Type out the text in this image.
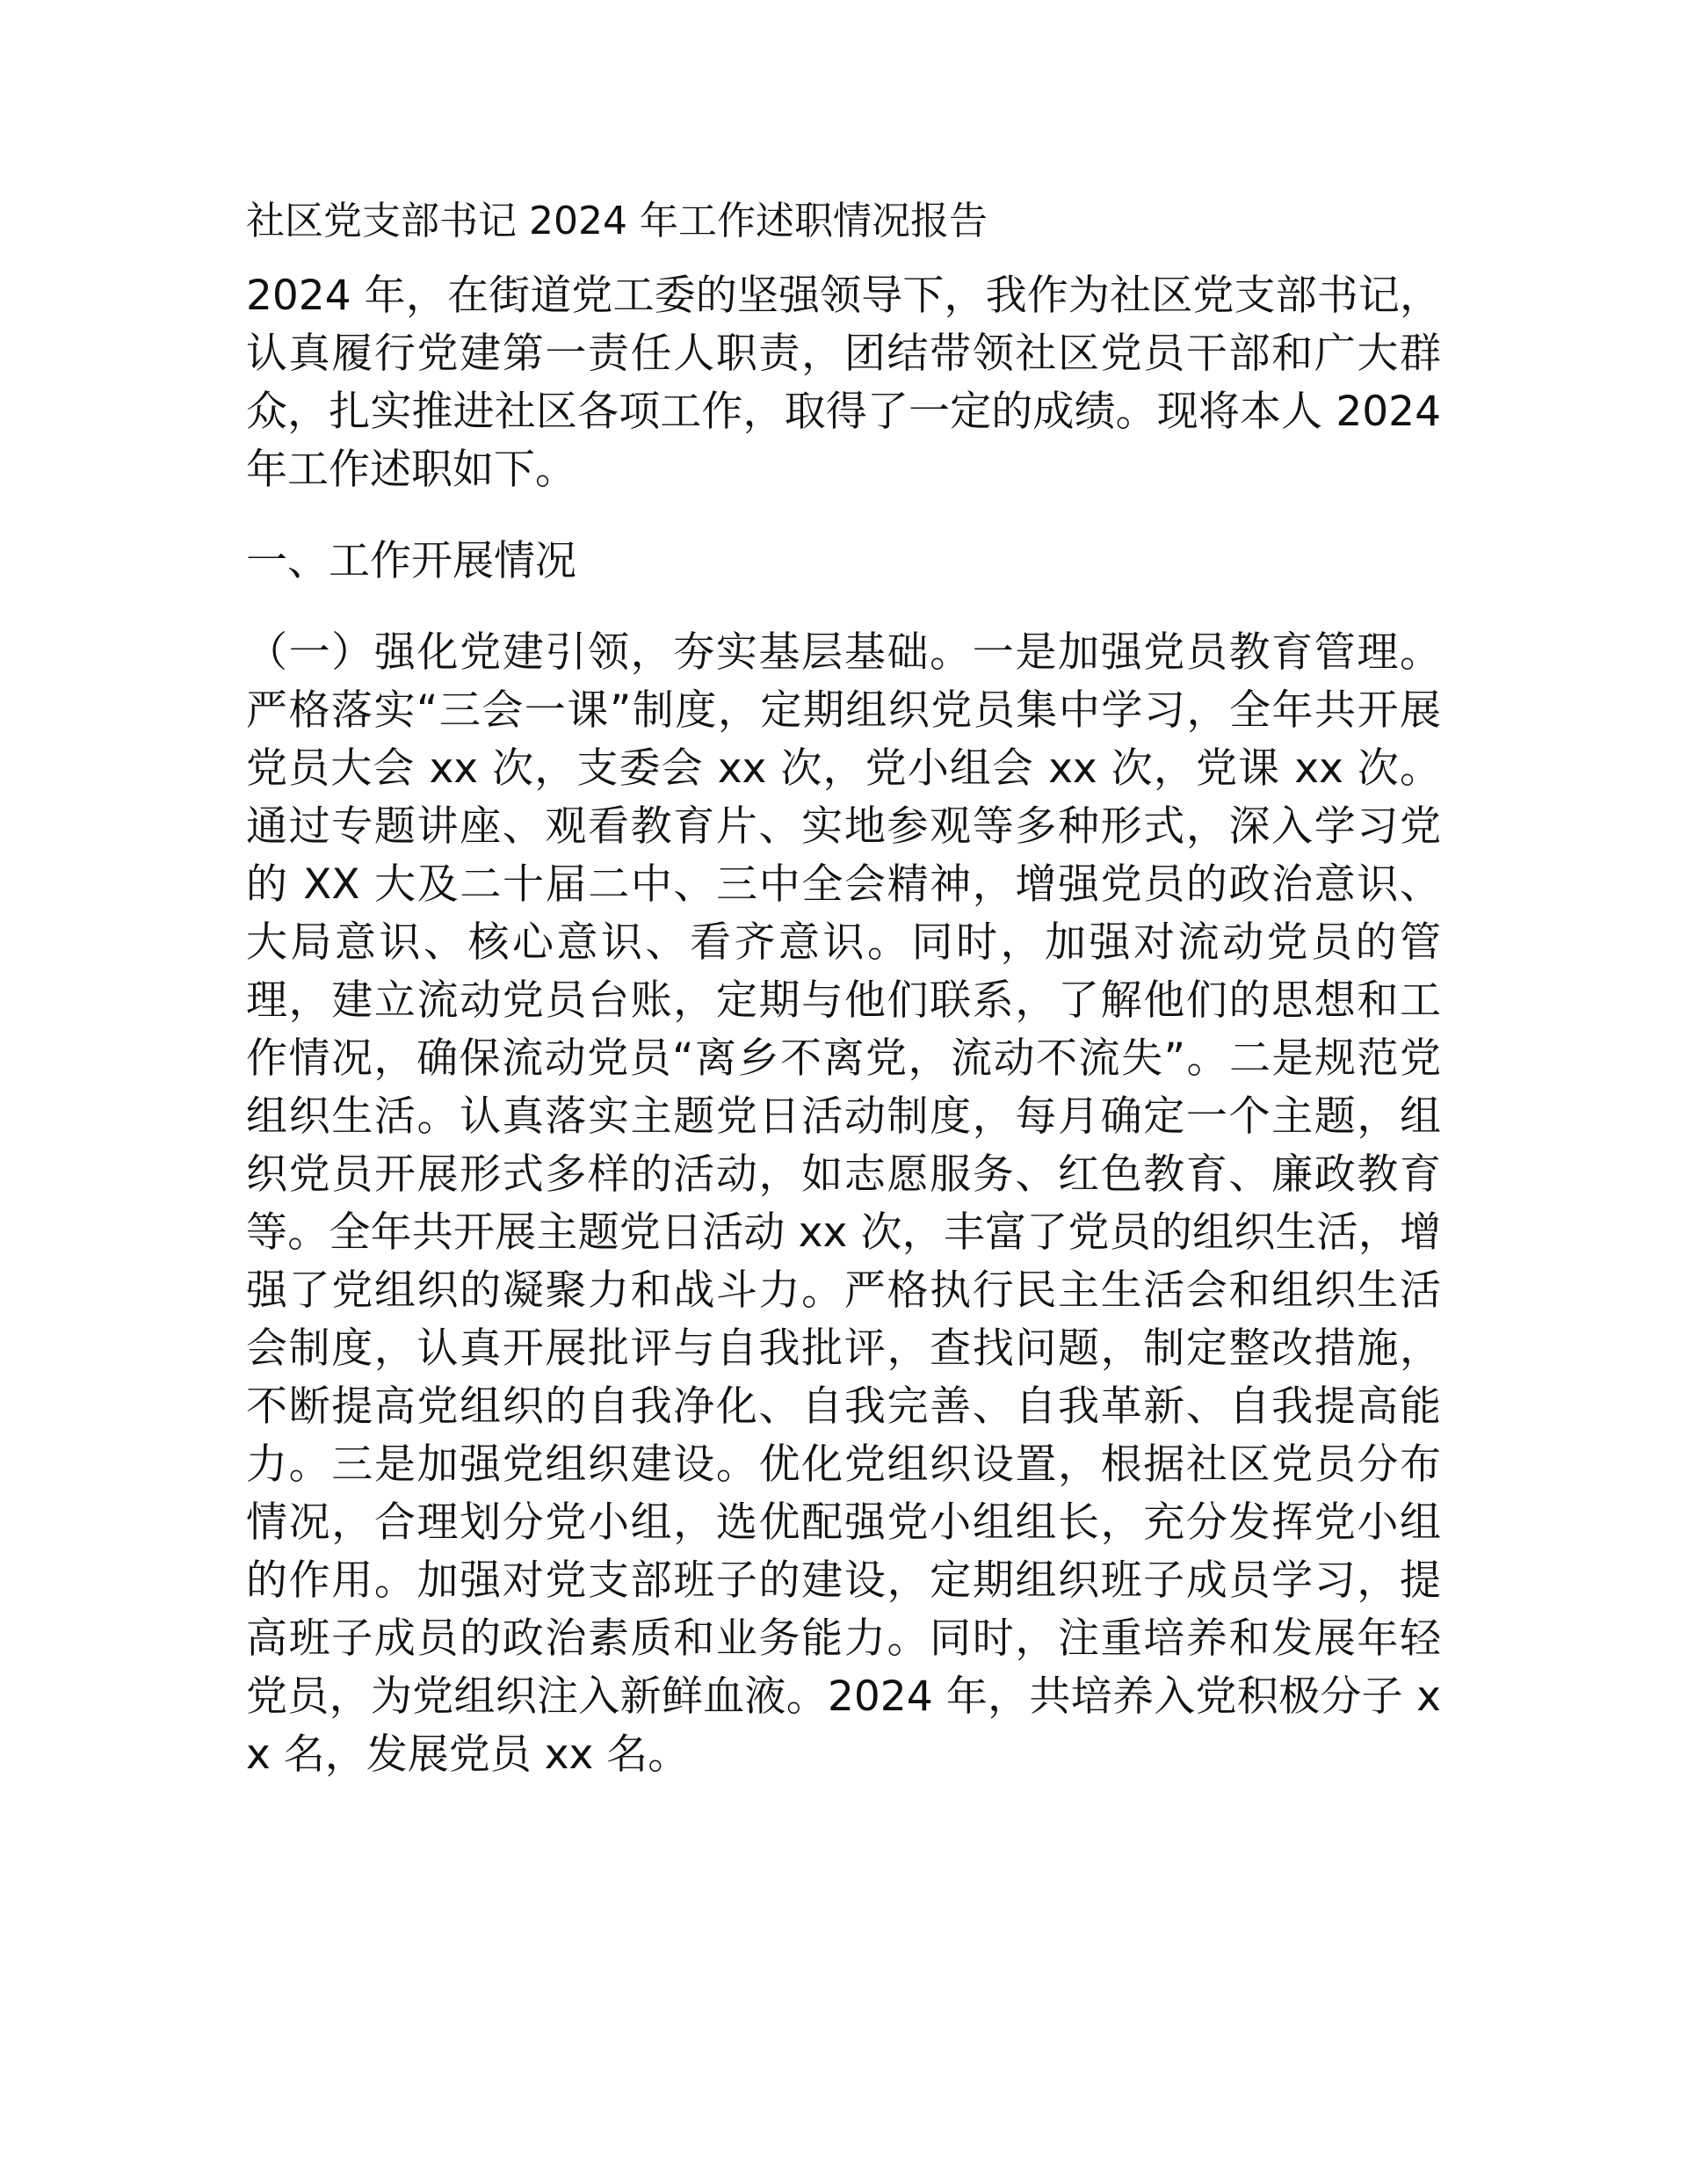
社区党支部书记 2024 年工作述职情况报告

2024 年，在街道党工委的坚强领导下，我作为社区党支部书记，认真履行党建第一责任人职责，团结带领社区党员干部和广大群众，扎实推进社区各项工作，取得了一定的成绩。现将本人 2024 年工作述职如下。

一、工作开展情况

（一）强化党建引领，夯实基层基础。一是加强党员教育管理。严格落实“三会一课”制度，定期组织党员集中学习，全年共开展党员大会 xx 次，支委会 xx 次，党小组会 xx 次，党课 xx 次。通过专题讲座、观看教育片、实地参观等多种形式，深入学习党的 XX 大及二十届二中、三中全会精神，增强党员的政治意识、大局意识、核心意识、看齐意识。同时，加强对流动党员的管理，建立流动党员台账，定期与他们联系，了解他们的思想和工作情况，确保流动党员“离乡不离党，流动不流失”。二是规范党组织生活。认真落实主题党日活动制度，每月确定一个主题，组织党员开展形式多样的活动，如志愿服务、红色教育、廉政教育等。全年共开展主题党日活动 xx 次，丰富了党员的组织生活，增强了党组织的凝聚力和战斗力。严格执行民主生活会和组织生活会制度，认真开展批评与自我批评，查找问题，制定整改措施，不断提高党组织的自我净化、自我完善、自我革新、自我提高能力。三是加强党组织建设。优化党组织设置，根据社区党员分布情况，合理划分党小组，选优配强党小组组长，充分发挥党小组的作用。加强对党支部班子的建设，定期组织班子成员学习，提高班子成员的政治素质和业务能力。同时，注重培养和发展年轻党员，为党组织注入新鲜血液。2024 年，共培养入党积极分子 xx 名，发展党员 xx 名。
